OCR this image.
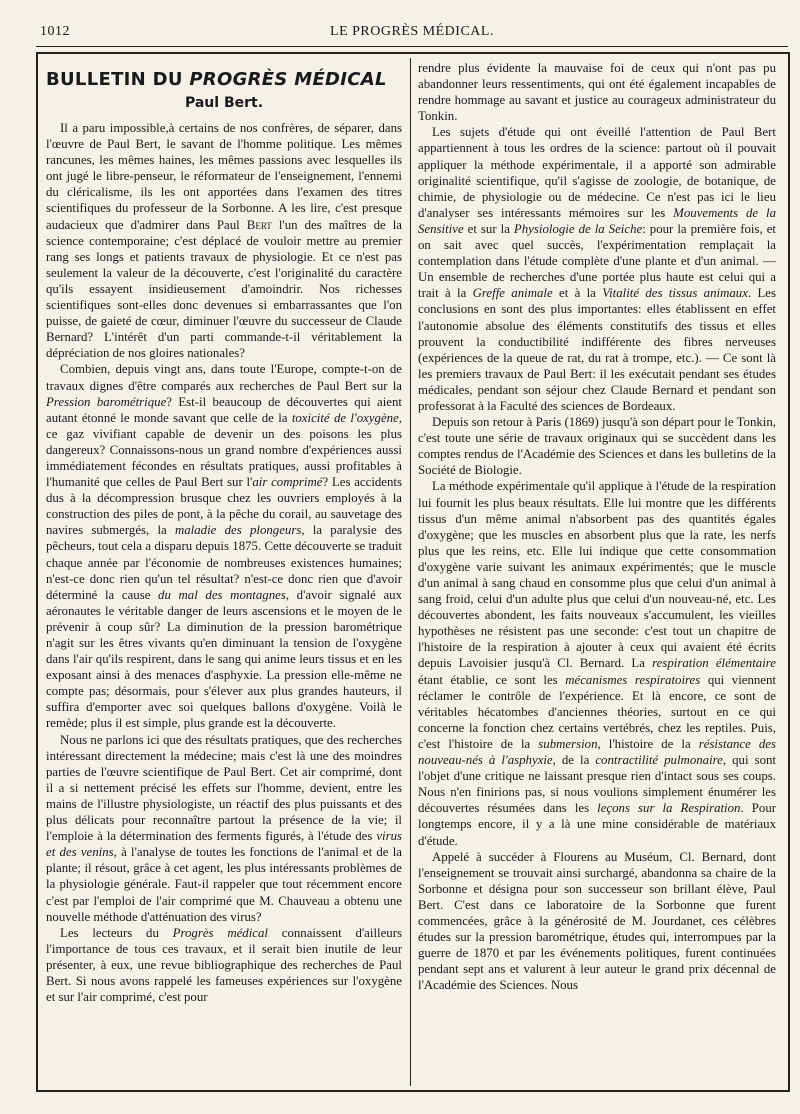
1012	LE PROGRÈS MÉDICAL.
BULLETIN DU PROGRÈS MÉDICAL
Paul Bert.

Il a paru impossible,à certains de nos confrères, de séparer, dans l'œuvre de Paul Bert, le savant de l'homme politique. Les mêmes rancunes, les mêmes haines, les mêmes passions avec lesquelles ils ont jugé le libre-penseur, le réformateur de l'enseignement, l'ennemi du cléricalisme, ils les ont apportées dans l'examen des titres scientifiques du professeur de la Sorbonne. A les lire, c'est presque audacieux que d'admirer dans Paul Bert l'un des maîtres de la science contemporaine; c'est déplacé de vouloir mettre au premier rang ses longs et patients travaux de physiologie. Et ce n'est pas seulement la valeur de la découverte, c'est l'originalité du caractère qu'ils essayent insidieusement d'amoindrir. Nos richesses scientifiques sont-elles donc devenues si embarrassantes que l'on puisse, de gaieté de cœur, diminuer l'œuvre du successeur de Claude Bernard? L'intérêt d'un parti commande-t-il véritablement la dépréciation de nos gloires nationales?

Combien, depuis vingt ans, dans toute l'Europe, compte-t-on de travaux dignes d'être comparés aux recherches de Paul Bert sur la Pression barométrique? Est-il beaucoup de découvertes qui aient autant étonné le monde savant que celle de la toxicité de l'oxygène, ce gaz vivifiant capable de devenir un des poisons les plus dangereux? Connaissons-nous un grand nombre d'expériences aussi immédiatement fécondes en résultats pratiques, aussi profitables à l'humanité que celles de Paul Bert sur l'air comprimé? Les accidents dus à la décompression brusque chez les ouvriers employés à la construction des piles de pont, à la pêche du corail, au sauvetage des navires submergés, la maladie des plongeurs, la paralysie des pêcheurs, tout cela a disparu depuis 1875. Cette découverte se traduit chaque année par l'économie de nombreuses existences humaines; n'est-ce donc rien qu'un tel résultat? n'est-ce donc rien que d'avoir déterminé la cause du mal des montagnes, d'avoir signalé aux aéronautes le véritable danger de leurs ascensions et le moyen de le prévenir à coup sûr? La diminution de la pression barométrique n'agit sur les êtres vivants qu'en diminuant la tension de l'oxygène dans l'air qu'ils respirent, dans le sang qui anime leurs tissus et en les exposant ainsi à des menaces d'asphyxie. La pression elle-même ne compte pas; désormais, pour s'élever aux plus grandes hauteurs, il suffira d'emporter avec soi quelques ballons d'oxygène. Voilà le remède; plus il est simple, plus grande est la découverte.

Nous ne parlons ici que des résultats pratiques, que des recherches intéressant directement la médecine; mais c'est là une des moindres parties de l'œuvre scientifique de Paul Bert. Cet air comprimé, dont il a si nettement précisé les effets sur l'homme, devient, entre les mains de l'illustre physiologiste, un réactif des plus puissants et des plus délicats pour reconnaître partout la présence de la vie; il l'emploie à la détermination des ferments figurés, à l'étude des virus et des venins, à l'analyse de toutes les fonctions de l'animal et de la plante; il résout, grâce à cet agent, les plus intéressants problèmes de la physiologie générale. Faut-il rappeler que tout récemment encore c'est par l'emploi de l'air comprimé que M. Chauveau a obtenu une nouvelle méthode d'atténuation des virus?

Les lecteurs du Progrès médical connaissent d'ailleurs l'importance de tous ces travaux, et il serait bien inutile de leur présenter, à eux, une revue bibliographique des recherches de Paul Bert. Si nous avons rappelé les fameuses expériences sur l'oxygène et sur l'air comprimé, c'est pour

rendre plus évidente la mauvaise foi de ceux qui n'ont pas pu abandonner leurs ressentiments, qui ont été également incapables de rendre hommage au savant et justice au courageux administrateur du Tonkin.

Les sujets d'étude qui ont éveillé l'attention de Paul Bert appartiennent à tous les ordres de la science: partout où il pouvait appliquer la méthode expérimentale, il a apporté son admirable originalité scientifique, qu'il s'agisse de zoologie, de botanique, de chimie, de physiologie ou de médecine. Ce n'est pas ici le lieu d'analyser ses intéressants mémoires sur les Mouvements de la Sensitive et sur la Physiologie de la Seiche: pour la première fois, et on sait avec quel succès, l'expérimentation remplaçait la contemplation dans l'étude complète d'une plante et d'un animal. — Un ensemble de recherches d'une portée plus haute est celui qui a trait à la Greffe animale et à la Vitalité des tissus animaux. Les conclusions en sont des plus importantes: elles établissent en effet l'autonomie absolue des éléments constitutifs des tissus et elles prouvent la conductibilité indifférente des fibres nerveuses (expériences de la queue de rat, du rat à trompe, etc.). — Ce sont là les premiers travaux de Paul Bert: il les exécutait pendant ses études médicales, pendant son séjour chez Claude Bernard et pendant son professorat à la Faculté des sciences de Bordeaux.

Depuis son retour à Paris (1869) jusqu'à son départ pour le Tonkin, c'est toute une série de travaux originaux qui se succèdent dans les comptes rendus de l'Académie des Sciences et dans les bulletins de la Société de Biologie.

La méthode expérimentale qu'il applique à l'étude de la respiration lui fournit les plus beaux résultats. Elle lui montre que les différents tissus d'un même animal n'absorbent pas des quantités égales d'oxygène; que les muscles en absorbent plus que la rate, les nerfs plus que les reins, etc. Elle lui indique que cette consommation d'oxygène varie suivant les animaux expérimentés; que le muscle d'un animal à sang chaud en consomme plus que celui d'un animal à sang froid, celui d'un adulte plus que celui d'un nouveau-né, etc. Les découvertes abondent, les faits nouveaux s'accumulent, les vieilles hypothèses ne résistent pas une seconde: c'est tout un chapitre de l'histoire de la respiration à ajouter à ceux qui avaient été écrits depuis Lavoisier jusqu'à Cl. Bernard. La respiration élémentaire étant établie, ce sont les mécanismes respiratoires qui viennent réclamer le contrôle de l'expérience. Et là encore, ce sont de véritables hécatombes d'anciennes théories, surtout en ce qui concerne la fonction chez certains vertébrés, chez les reptiles. Puis, c'est l'histoire de la submersion, l'histoire de la résistance des nouveau-nés à l'asphyxie, de la contractilité pulmonaire, qui sont l'objet d'une critique ne laissant presque rien d'intact sous ses coups. Nous n'en finirions pas, si nous voulions simplement énumérer les découvertes résumées dans les leçons sur la Respiration. Pour longtemps encore, il y a là une mine considérable de matériaux d'étude.

Appelé à succéder à Flourens au Muséum, Cl. Bernard, dont l'enseignement se trouvait ainsi surchargé, abandonna sa chaire de la Sorbonne et désigna pour son successeur son brillant élève, Paul Bert. C'est dans ce laboratoire de la Sorbonne que furent commencées, grâce à la générosité de M. Jourdanet, ces célèbres études sur la pression barométrique, études qui, interrompues par la guerre de 1870 et par les événements politiques, furent continuées pendant sept ans et valurent à leur auteur le grand prix décennal de l'Académie des Sciences. Nous
